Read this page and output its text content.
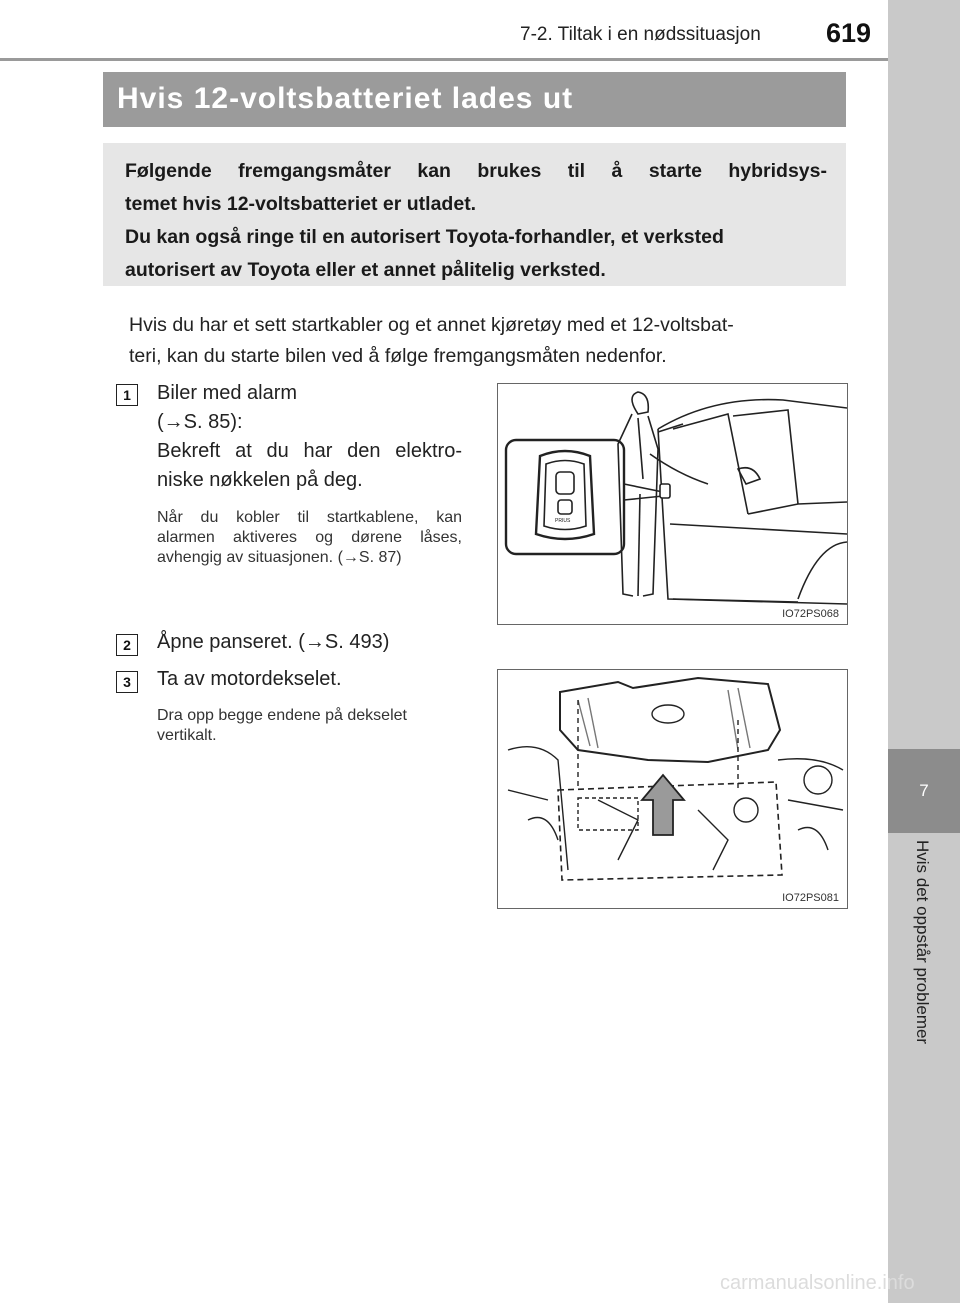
7-2. Tiltak i en nødssituasjon 619
7
Hvis det oppstår problemer
Hvis 12-voltsbatteriet lades ut

Følgende fremgangsmåter kan brukes til å starte hybridsys-
temet hvis 12-voltsbatteriet er utladet.
Du kan også ringe til en autorisert Toyota-forhandler, et verksted
autorisert av Toyota eller et annet pålitelig verksted.

Hvis du har et sett startkabler og et annet kjøretøy med et 12-voltsbat-
teri, kan du starte bilen ved å følge fremgangsmåten nedenfor.

1	Biler med alarm
(→S. 85):
Bekreft at du har den elektro-
niske nøkkelen på deg.

Når du kobler til startkablene, kan
alarmen aktiveres og dørene låses,
avhengig av situasjonen. (→S. 87)

PRIUS
IO72PS068
2	Åpne panseret. (→S. 493)

3	Ta av motordekselet.

Dra opp begge endene på dekselet
vertikalt.

IO72PS081
carmanualsonline.info
